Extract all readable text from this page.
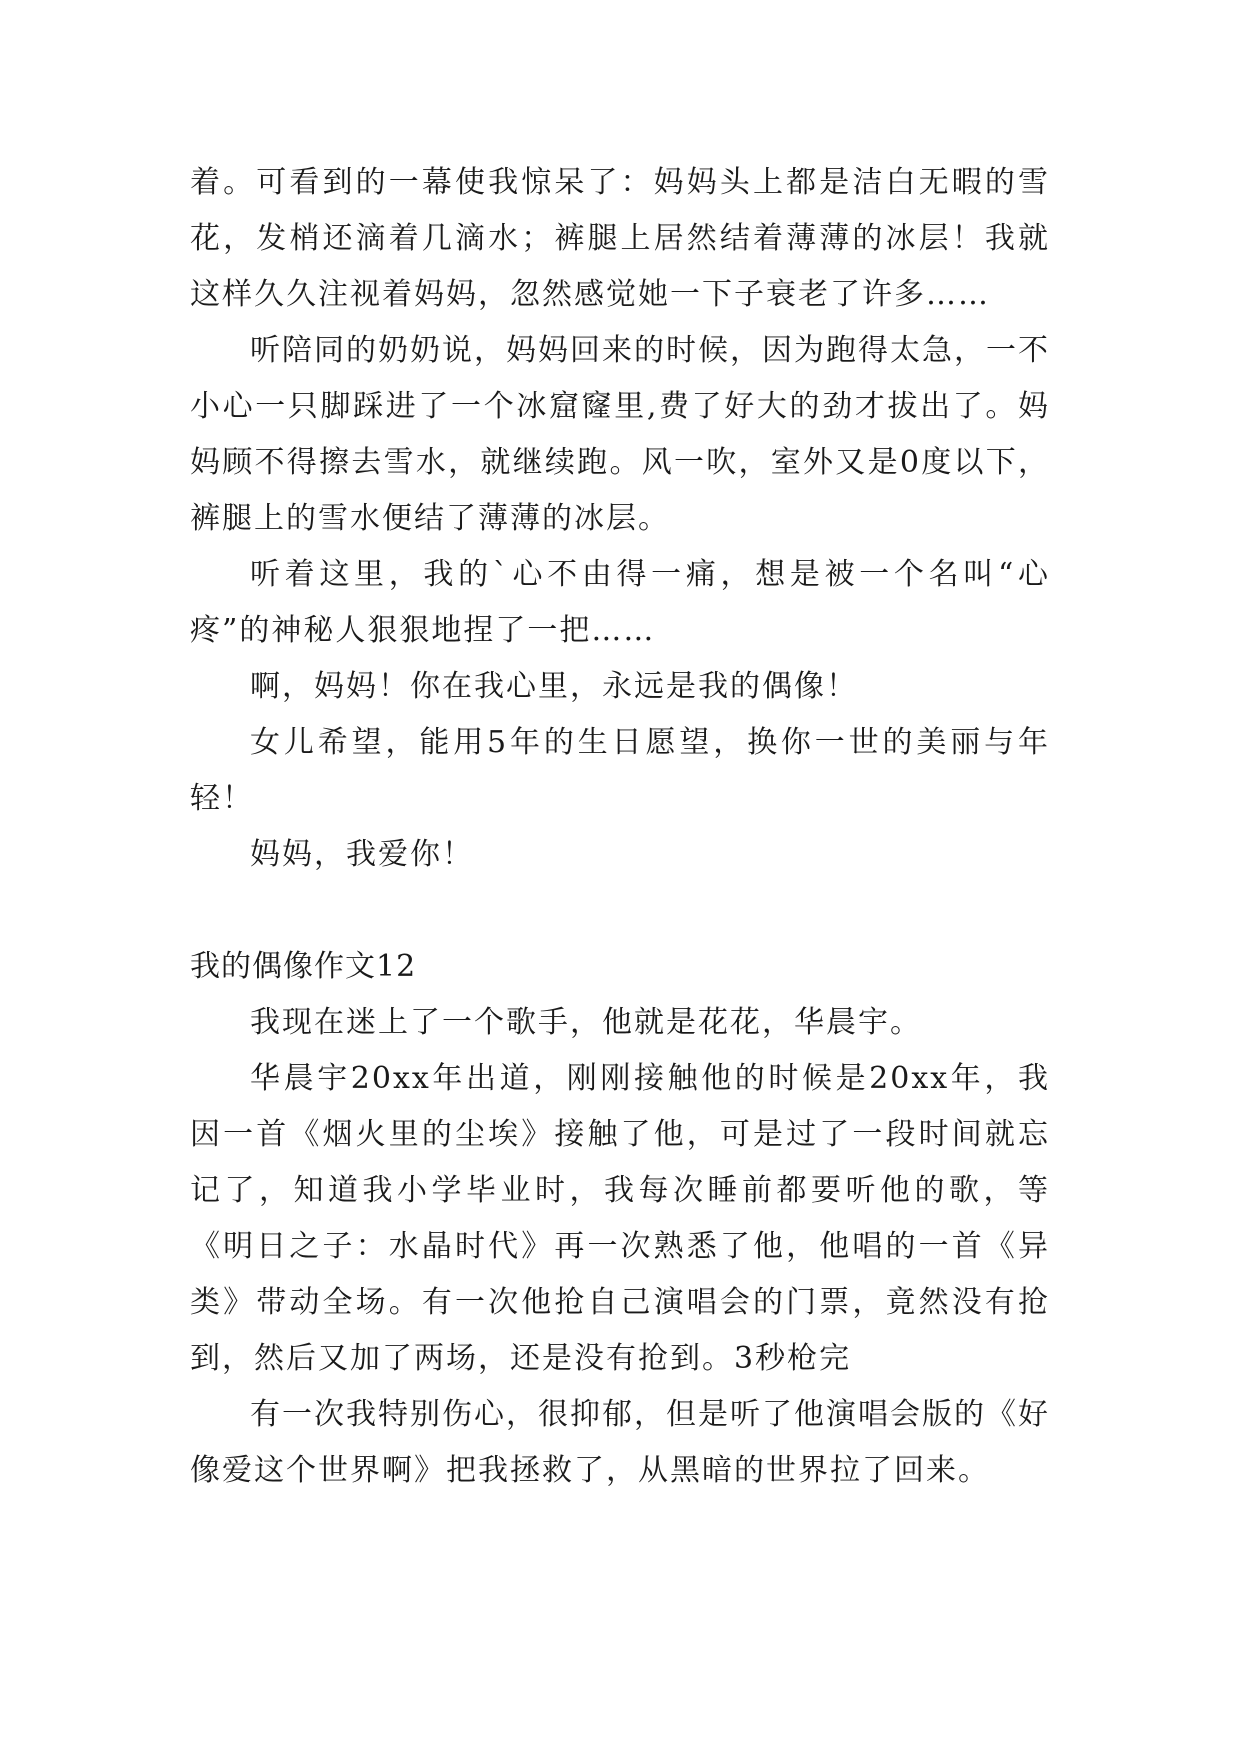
着。可看到的一幕使我惊呆了：妈妈头上都是洁白无暇的雪花，发梢还滴着几滴水；裤腿上居然结着薄薄的冰层！我就这样久久注视着妈妈，忽然感觉她一下子衰老了许多……

听陪同的奶奶说，妈妈回来的时候，因为跑得太急，一不小心一只脚踩进了一个冰窟窿里,费了好大的劲才拔出了。妈妈顾不得擦去雪水，就继续跑。风一吹，室外又是0度以下，裤腿上的雪水便结了薄薄的冰层。

听着这里，我的`心不由得一痛，想是被一个名叫“心疼”的神秘人狠狠地捏了一把……

啊，妈妈！你在我心里，永远是我的偶像！

女儿希望，能用5年的生日愿望，换你一世的美丽与年轻！

妈妈，我爱你！

我的偶像作文12

我现在迷上了一个歌手，他就是花花，华晨宇。

华晨宇20xx年出道，刚刚接触他的时候是20xx年，我因一首《烟火里的尘埃》接触了他，可是过了一段时间就忘记了，知道我小学毕业时，我每次睡前都要听他的歌，等《明日之子：水晶时代》再一次熟悉了他，他唱的一首《异类》带动全场。有一次他抢自己演唱会的门票，竟然没有抢到，然后又加了两场，还是没有抢到。3秒枪完

有一次我特别伤心，很抑郁，但是听了他演唱会版的《好像爱这个世界啊》把我拯救了，从黑暗的世界拉了回来。
